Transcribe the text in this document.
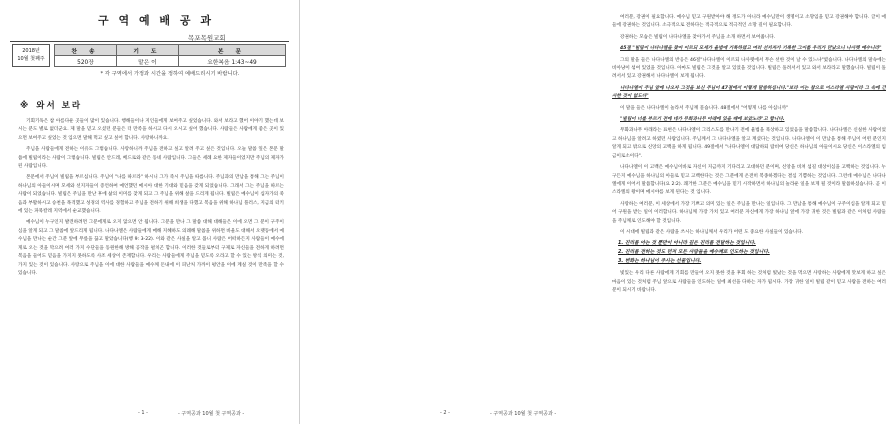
구 역 예 배 공 과
목포목원교회
2018년
10월 첫째주
찬 송	기 도	본 문
520장	맡은 이	요한복음 1:43~49
* 각 구역에서 가정과 시간을 정하여 예배드리시기 바랍니다.
※ 와서 보라

기회기독은 참 아름다운 곳들이 많이 있습니다. 행해들이나 지인들에게 보여주고 싶었습니다. 와서 보라고 했어 이야기 했는데 보시는 분도 별로 없더군요. 제 말을 믿고 오셨던 분들은 더 만족을 하시고 다시 오시고 싶어 했습니다. 사람들은 사람에게 좋은 곳이 있으면 보여주고 싶었는 것 입으면 말해 먹고 싶고 싶어 합니다. 사랑하니까요.

주님을 사람들에게 전하는 이유도 그렇습니다. 사랑하니까 주님을 전하고 싶고 알려 주고 싶은 것입니다. 오늘 말씀 잎은 본문 말씀에 빌립이라는 사람이 그렇습니다. 빌립은 안드레, 베드로와 같은 동네 사람입니다. 그들은 세례 요한 제자들이었지만 주님의 제자가 된 사람입니다.

본문에서 주님이 빌립을 부르십니다. 주님이 "나를 따르라" 하시니 그가 즉시 주님을 따릅니다. 주님과의 만남을 통해 그는 주님이 하나님의 아들이시며 모세와 선지자들이 증언하여 예언했던 메시아 대한 기대와 믿음을 갖게 되었습니다. 그래서 그는 주님을 따르는 사람이 되었습니다. 빌립은 주님을 만난 후에 삶의 이미를 찾게 되고 그 주님을 위해 살을 드리게 됩니다. 빌립은 예수님이 십자가의 죽음과 부활하시고 승천을 목격했고 성경의 역사를 경험하고 주님을 전하기 위해 희생을 다했고 복음을 위해 하나님 플러스, 지금의 터키에 있는 파묵칼레 지역에서 순교했습니다.

예수님이 누구인지 발견하려면 그분에게로 오지 않으면 안 됩니다. 그분을 만나 그 말씀 대해 대해들은 이에 오면 그 분이 구주이심을 알게 되고 그 말씀에 앞드리게 됩니다. 나다나엘은 사람들에게 매해 지혜하도 의례해 말씀을 위하면 바울도 대해서 오랫동에서 예수님을 만나는 순간 그분 앞에 무릎을 끊고 말았습니다(행 9: 3-22). 이와 같은 사실을 알고 몹니 사람은 어떠하든지 사람들이 예수에게로 오는 것을 막으려 여러 가지 수단들을 동원한해 방해 공작을 펼치곤 합니다. 이러한 것들로부터 구제로 자신들을 전하게 하려면 복음을 들어도 믿음을 가지지 못하도록 사조 세상이 존재합니다. 우리는 사람들에게 주님을 믿도록 오라고 할 수 있는 방식 의미는 것, 가지 있는 것이 있습니다. 사랑으로 주님을 이에 대한 사람들을 예수께 돈내에 이 피난처 가까이 평안을 이에 계실 것이 만족을 할 수 있습니다.

- 구역공과 10월 첫 구역공과 -
- 1 -

여러분, 강권이 필요합니다. 예수님 믿고 구원받아야 해 정도가 아니라 예수님만이 생명이고 소망임을 믿고 강권해야 합니다. 글이 애들에 강권하는 것입니다. 소극적으로 전하다는 적극적으로 적극적인 소망 길이 필요합니다.

강권하는 모습은 빌립이 나다나엘을 찾아가서 주님을 소개 하면서 보여줍니다.

45절 "빌립이 나다나엘을 찾아 이르되 모세가 율법에 기록하였고 여러 선지자가 기록한 그이를 우리가 만났으니 나사렛 예수니라"

그의 말을 들은 나다나엘의 반응은 46절"나다나엘이 이르되 나사렛에서 무슨 선한 것이 날 수 있느냐"였습니다. 나다나엘의 말속에는 비아냥이 섞여 있었을 것입니다. 아마도 빌립은 그것을 알고 있었을 것입니다. 빌립은 돌려서서 있고 와서 보라라고 말했습니다. 빌립이 돌려서서 있고 강권해서 나다나엘이 보게 됩니다.

나다나엘이 주님 앞에 나오자 그것을 보신 주님이 47절에서 이렇게 말씀하십니다."보라 이는 참으로 이스라엘 사람이라 그 속에 간사한 것이 없도다"

이 말을 들은 나다나엘이 놀라서 주님께 묻습니다. 48절에서 "어떻게 나를 아십니까"

"빌립이 너를 부르기 전에 네가 무화과나무 아래에 있을 때에 보았노라"고 합니다.

무화과나무 아래라는 표현은 나다나엘이 그리스도를 만나기 전에 율법을 묵상하고 있었음을 말씀합니다. 나다나엘은 신실한 사람이었고 하나님을 알려고 하였던 사람입니다. 주님께서 그 나다나엘을 알고 계셨다는 것입니다. 나다나엘이 이 만남을 통해 주님이 어떤 분인지 알게 되고 밖으로 신앙의 고백을 하게 됩니다. 49절에서 "나다나엘이 대답하되 랍비여 당신은 하나님의 아들이시요 당신은 이스라엘의 임금이로소이다".

나다나엘이 이 고백은 예수님이바로 자신이 지금까지 기다리고 고대하던 분이며, 신앙을 비쳐 섬길 대상이심을 고백하는 것입니다. 누구든지 예수님을 하나님의 아들로 믿고 고백한다는 것은 그분에게 온전히 복종하겠다는 결심 기쁨하는 것입니다. 그런데 예수님은 나다나엘에게 이어서 말씀합니다(요 2:2). 쾌거한 그분은 예수님을 믿기 시작하면서 하나님의 놀라운 일을 보게 될 것이라 말씀하셨습니다. 곧 이스라엘의 왕이며 메시야를 보게 된다는 것 입니다.

사랑하는 여러분, 이 세상에서 가장 기쁘고 의미 있는 일은 주님을 만나는 일입니다. 그 만남을 통해 예수님이 구주이심을 알게 되고 믿어 구원을 받는 일이 이러합니다. 하나님께 가장 가치 있고 여러분 자신에게 가장 하나님 앞에 가장 귀한 것은 빌립과 같은 이처럼 사람들을 주님께로 인도해야 할 것입니다.

이 시대에 빌립과 같은 사람을 쓰시는 하나님께서 우리가 어떤 도 중요한 사실들이 있습니다.

1. 진리를 아는 것 뿐만이 아니라 깊은 진리를 전달하는 것입니다.
2. 진리를 전하는 것도 먼저 모든 사람들을 예수께로 인도하는 것입니다.
3. 변화는 하나님이 주시는 선물입니다.

빛있는 우리 다른 사람에게 기회를 만들어 오지 못한 것을 후회 하는 것처럼 빛났는 것을 먹으면 사랑하는 사람에게 맛보게 하고 싶은 마음이 있는 것처럼 주님 앞으로 사람들을 인도하는 일에 최선을 다하는 자가 됩시다. 가장 귀한 일이 빌립 같이 믿고 사람을 전하는 여러분이 되시기 바랍니다.

- 2 -	- 구역공과 10월 첫 구역공과 -
